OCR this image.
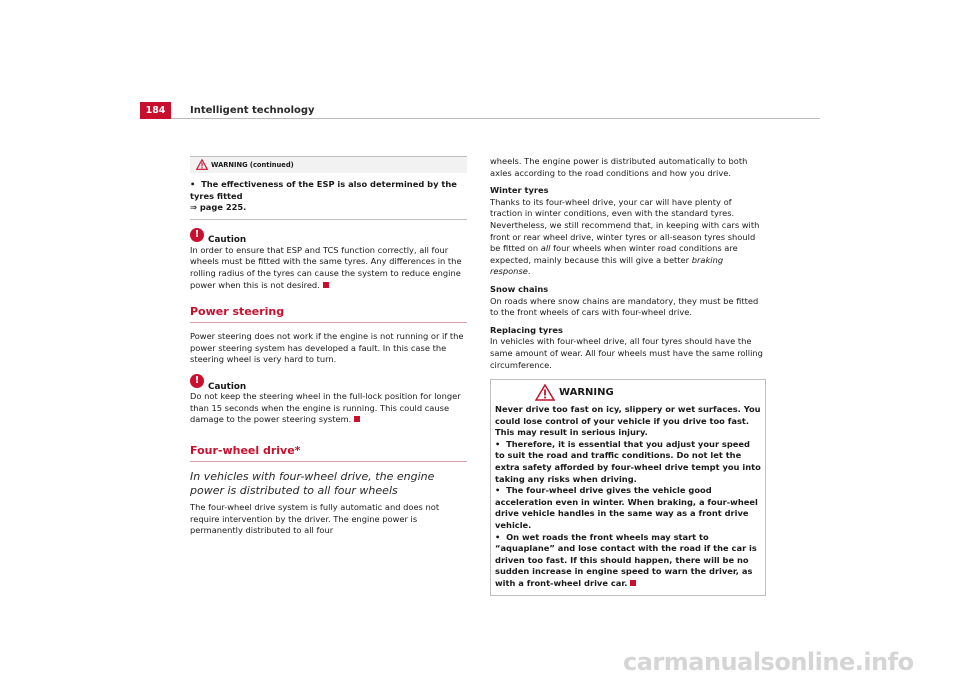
184	Intelligent technology
$^{WARNING (continued)}$

• The effectiveness of the ESP is also determined by the tyres fitted
⇒ page 225.

!Caution

In order to ensure that ESP and TCS function correctly, all four wheels must be fitted with the same tyres. Any differences in the rolling radius of the tyres can cause the system to reduce engine power when this is not desired.

Power steering

Power steering does not work if the engine is not running or if the power steering system has developed a fault. In this case the steering wheel is very hard to turn.

!Caution

Do not keep the steering wheel in the full-lock position for longer than 15 seconds when the engine is running. This could cause damage to the power steering system.

Four-wheel drive*

In vehicles with four-wheel drive, the engine power is distributed to all four wheels

The four-wheel drive system is fully automatic and does not require intervention by the driver. The engine power is permanently distributed to all four

wheels. The engine power is distributed automatically to both axles according to the road conditions and how you drive.

Winter tyres

Thanks to its four-wheel drive, your car will have plenty of traction in winter conditions, even with the standard tyres. Nevertheless, we still recommend that, in keeping with cars with front or rear wheel drive, winter tyres or all-season tyres should be fitted on all four wheels when winter road conditions are expected, mainly because this will give a better braking response.

Snow chains

On roads where snow chains are mandatory, they must be fitted to the front wheels of cars with four-wheel drive.

Replacing tyres

In vehicles with four-wheel drive, all four tyres should have the same amount of wear. All four wheels must have the same rolling circumference.

WARNING

Never drive too fast on icy, slippery or wet surfaces. You could lose control of your vehicle if you drive too fast. This may result in serious injury.

• Therefore, it is essential that you adjust your speed to suit the road and traffic conditions. Do not let the extra safety afforded by four-wheel drive tempt you into taking any risks when driving.

• The four-wheel drive gives the vehicle good acceleration even in winter. When braking, a four-wheel drive vehicle handles in the same way as a front drive vehicle.

• On wet roads the front wheels may start to “aquaplane” and lose contact with the road if the car is driven too fast. If this should happen, there will be no sudden increase in engine speed to warn the driver, as with a front-wheel drive car.

carmanualsonline.info
